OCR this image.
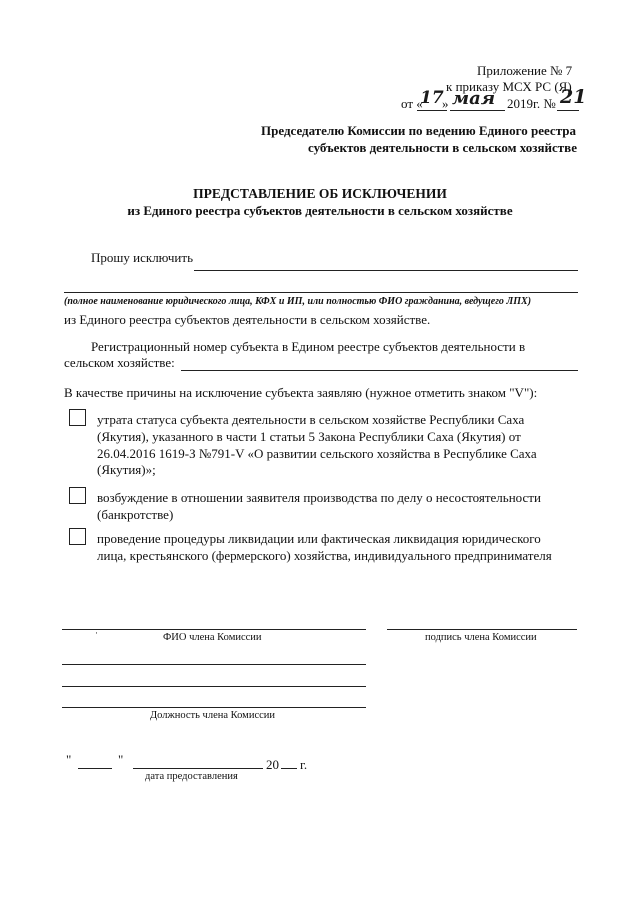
Приложение № 7
к приказу МСХ РС (Я)
от «
17
» мая 2019г. № 21
Председателю Комиссии по ведению Единого реестра
субъектов деятельности в сельском хозяйстве
ПРЕДСТАВЛЕНИЕ ОБ ИСКЛЮЧЕНИИ
из Единого реестра субъектов деятельности в сельском хозяйстве
Прошу исключить
(полное наименование юридического лица, КФХ и ИП, или полностью ФИО гражданина, ведущего ЛПХ)
из Единого реестра субъектов деятельности в сельском хозяйстве.
Регистрационный номер субъекта в Едином реестре субъектов деятельности в
сельском хозяйстве:
В качестве причины на исключение субъекта заявляю (нужное отметить знаком "V"):
утрата статуса субъекта деятельности в сельском хозяйстве Республики Саха
(Якутия), указанного в части 1 статьи 5 Закона Республики Саха (Якутия) от
26.04.2016 1619-З №791-V «О развитии сельского хозяйства в Республике Саха
(Якутия)»;
возбуждение в отношении заявителя производства по делу о несостоятельности
(банкротстве)
проведение процедуры ликвидации или фактическая ликвидация юридического
лица, крестьянского (фермерского) хозяйства, индивидуального предпринимателя
·	ФИО члена Комиссии	подпись члена Комиссии
Должность члена Комиссии
"	"	20 г.
дата предоставления
